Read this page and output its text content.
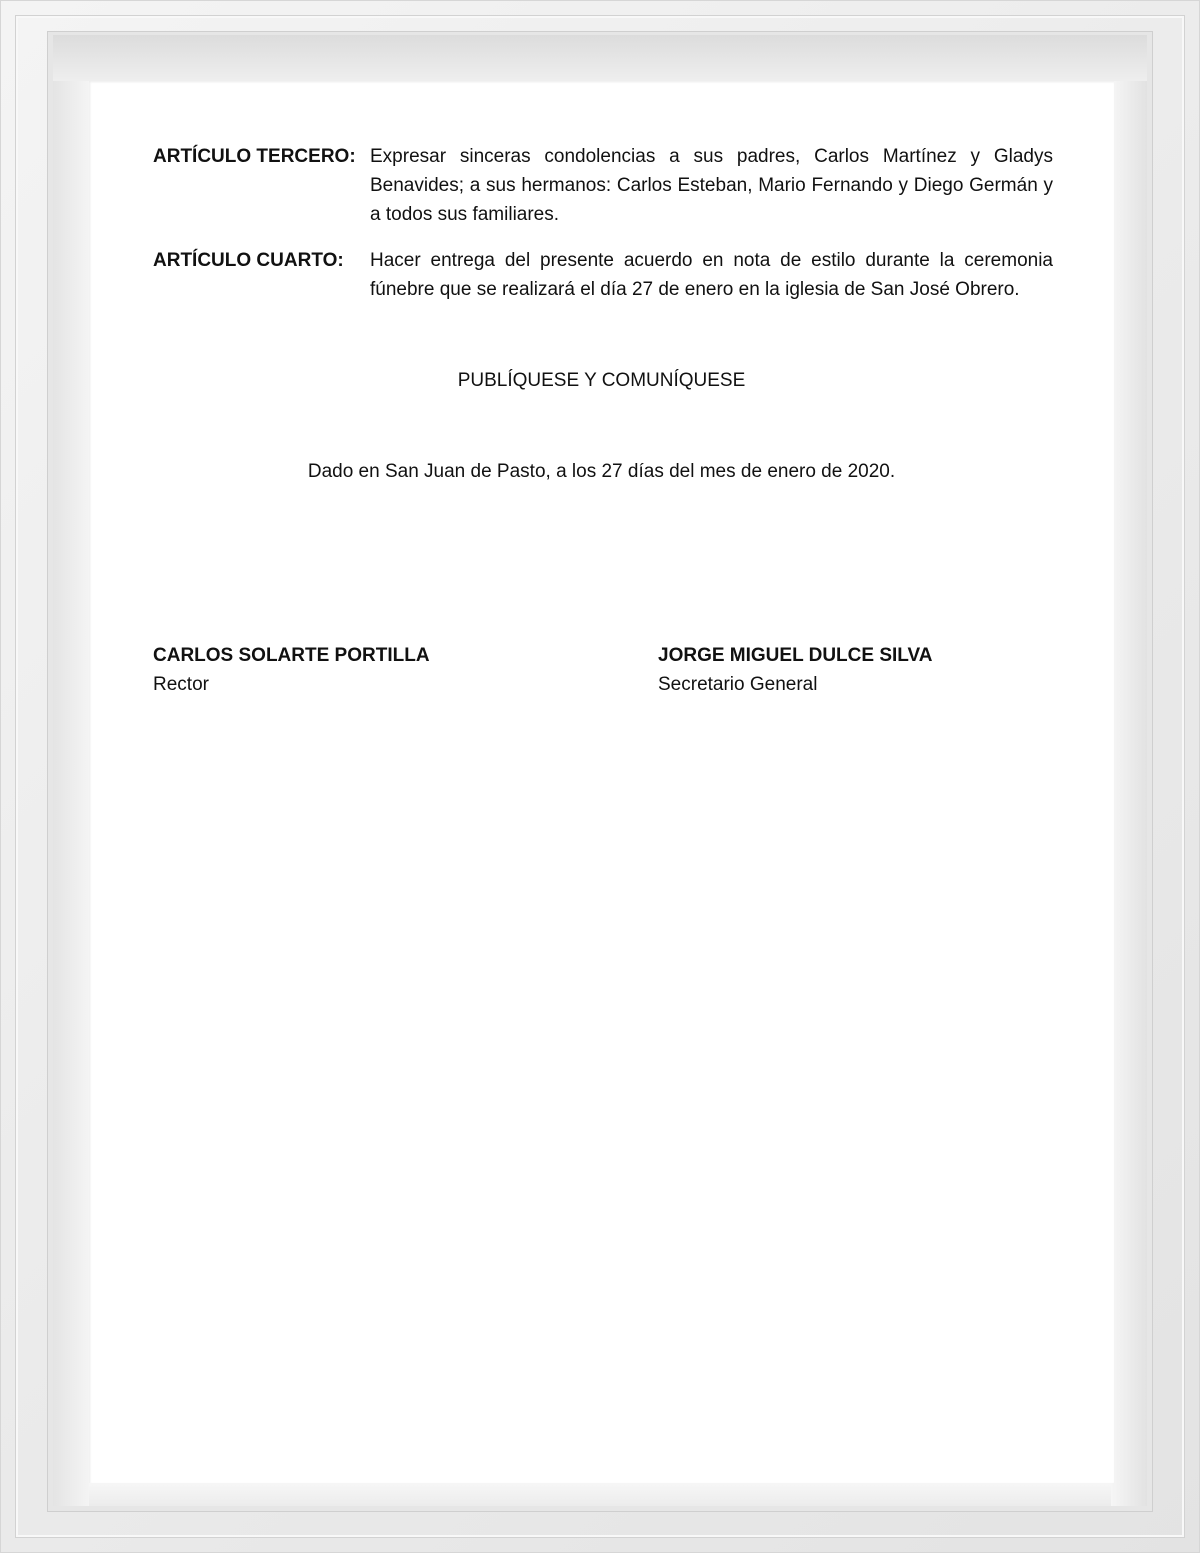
ARTÍCULO TERCERO: Expresar sinceras condolencias a sus padres, Carlos Martínez y Gladys Benavides; a sus hermanos: Carlos Esteban, Mario Fernando y Diego Germán y a todos sus familiares.
ARTÍCULO CUARTO:	Hacer entrega del presente acuerdo en nota de estilo durante la ceremonia fúnebre que se realizará el día 27 de enero en la iglesia de San José Obrero.
PUBLÍQUESE Y COMUNÍQUESE
Dado en San Juan de Pasto, a los 27 días del mes de enero de 2020.
CARLOS SOLARTE PORTILLA
Rector
JORGE MIGUEL DULCE SILVA
Secretario General
